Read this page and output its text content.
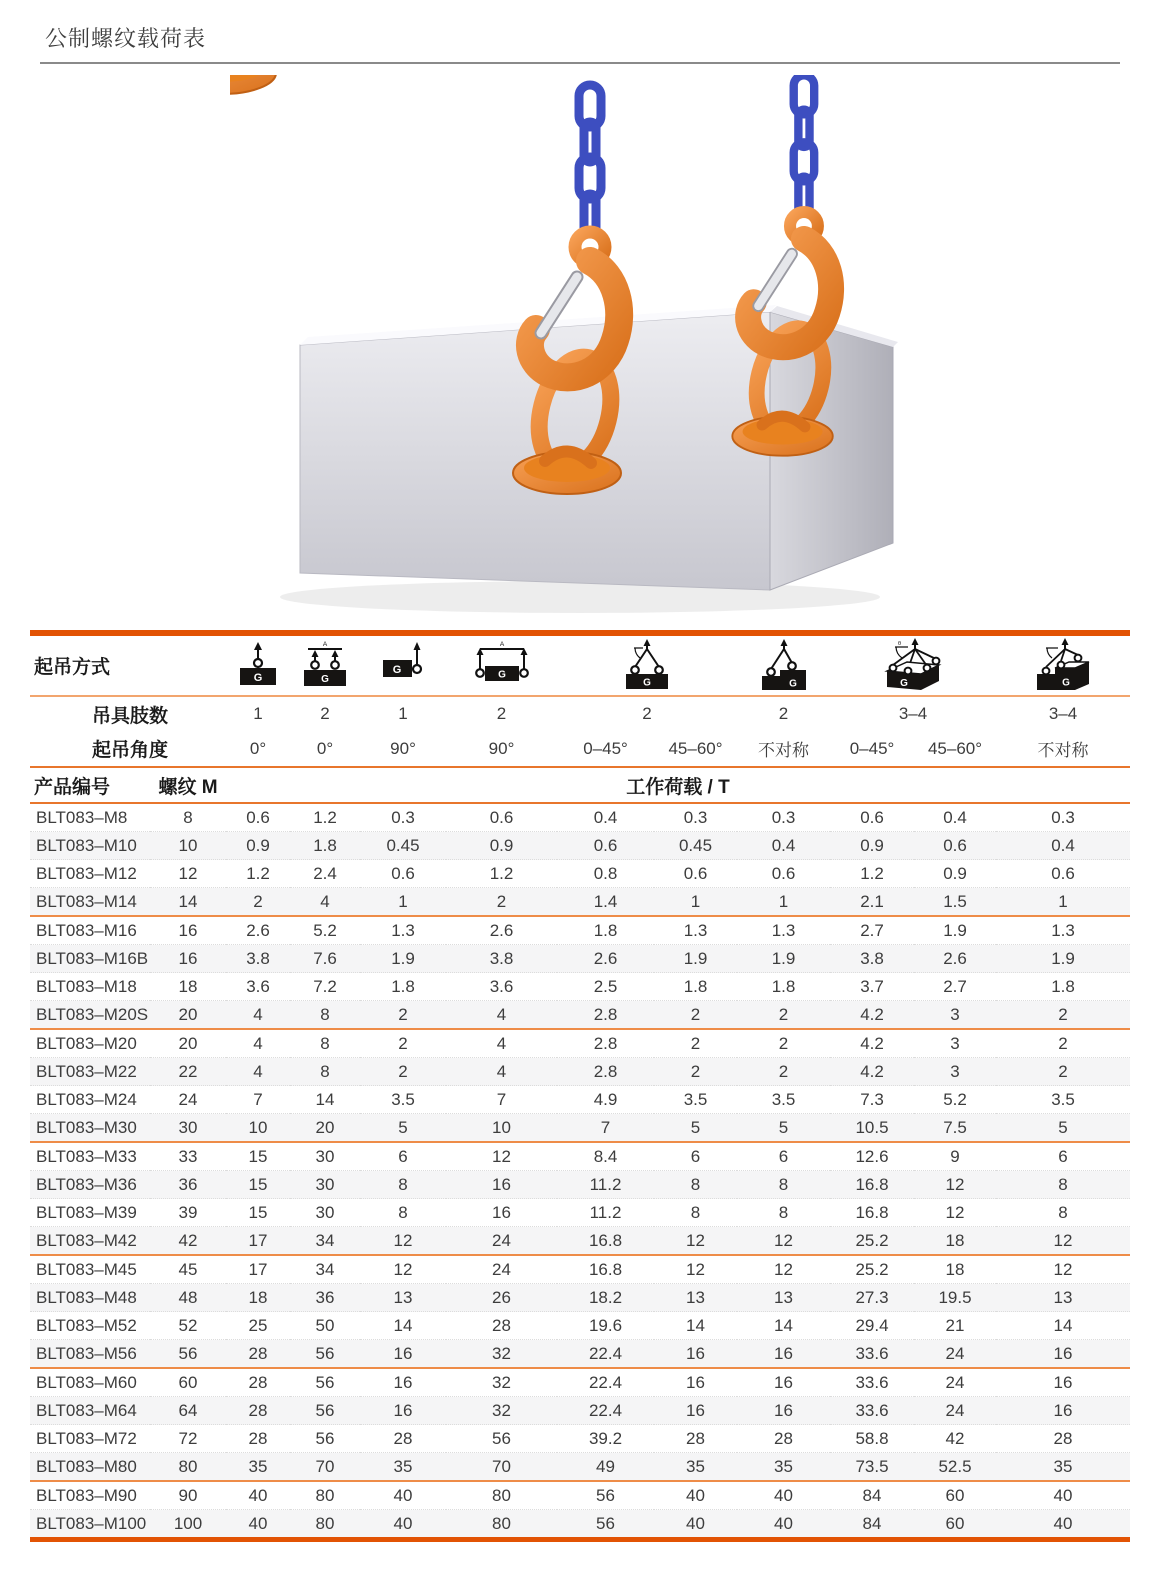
公制螺纹载荷表
起吊方式		G	A
G	G	A
G	G		G	θ
G		G

吊具肢数		1	2	1	2	2		2	3–4		3–4
起吊角度		0°	0°	90°	90°	0–45°	45–60°	不对称	0–45°	45–60°	不对称
产品编号	螺纹 M	工作荷载 / T									
BLT083–M8	8	0.6	1.2	0.3	0.6	0.4	0.3	0.3	0.6	0.4	0.3
BLT083–M10	10	0.9	1.8	0.45	0.9	0.6	0.45	0.4	0.9	0.6	0.4
BLT083–M12	12	1.2	2.4	0.6	1.2	0.8	0.6	0.6	1.2	0.9	0.6
BLT083–M14	14	2	4	1	2	1.4	1	1	2.1	1.5	1
BLT083–M16	16	2.6	5.2	1.3	2.6	1.8	1.3	1.3	2.7	1.9	1.3
BLT083–M16B	16	3.8	7.6	1.9	3.8	2.6	1.9	1.9	3.8	2.6	1.9
BLT083–M18	18	3.6	7.2	1.8	3.6	2.5	1.8	1.8	3.7	2.7	1.8
BLT083–M20S	20	4	8	2	4	2.8	2	2	4.2	3	2
BLT083–M20	20	4	8	2	4	2.8	2	2	4.2	3	2
BLT083–M22	22	4	8	2	4	2.8	2	2	4.2	3	2
BLT083–M24	24	7	14	3.5	7	4.9	3.5	3.5	7.3	5.2	3.5
BLT083–M30	30	10	20	5	10	7	5	5	10.5	7.5	5
BLT083–M33	33	15	30	6	12	8.4	6	6	12.6	9	6
BLT083–M36	36	15	30	8	16	11.2	8	8	16.8	12	8
BLT083–M39	39	15	30	8	16	11.2	8	8	16.8	12	8
BLT083–M42	42	17	34	12	24	16.8	12	12	25.2	18	12
BLT083–M45	45	17	34	12	24	16.8	12	12	25.2	18	12
BLT083–M48	48	18	36	13	26	18.2	13	13	27.3	19.5	13
BLT083–M52	52	25	50	14	28	19.6	14	14	29.4	21	14
BLT083–M56	56	28	56	16	32	22.4	16	16	33.6	24	16
BLT083–M60	60	28	56	16	32	22.4	16	16	33.6	24	16
BLT083–M64	64	28	56	16	32	22.4	16	16	33.6	24	16
BLT083–M72	72	28	56	28	56	39.2	28	28	58.8	42	28
BLT083–M80	80	35	70	35	70	49	35	35	73.5	52.5	35
BLT083–M90	90	40	80	40	80	56	40	40	84	60	40
BLT083–M100	100	40	80	40	80	56	40	40	84	60	40
